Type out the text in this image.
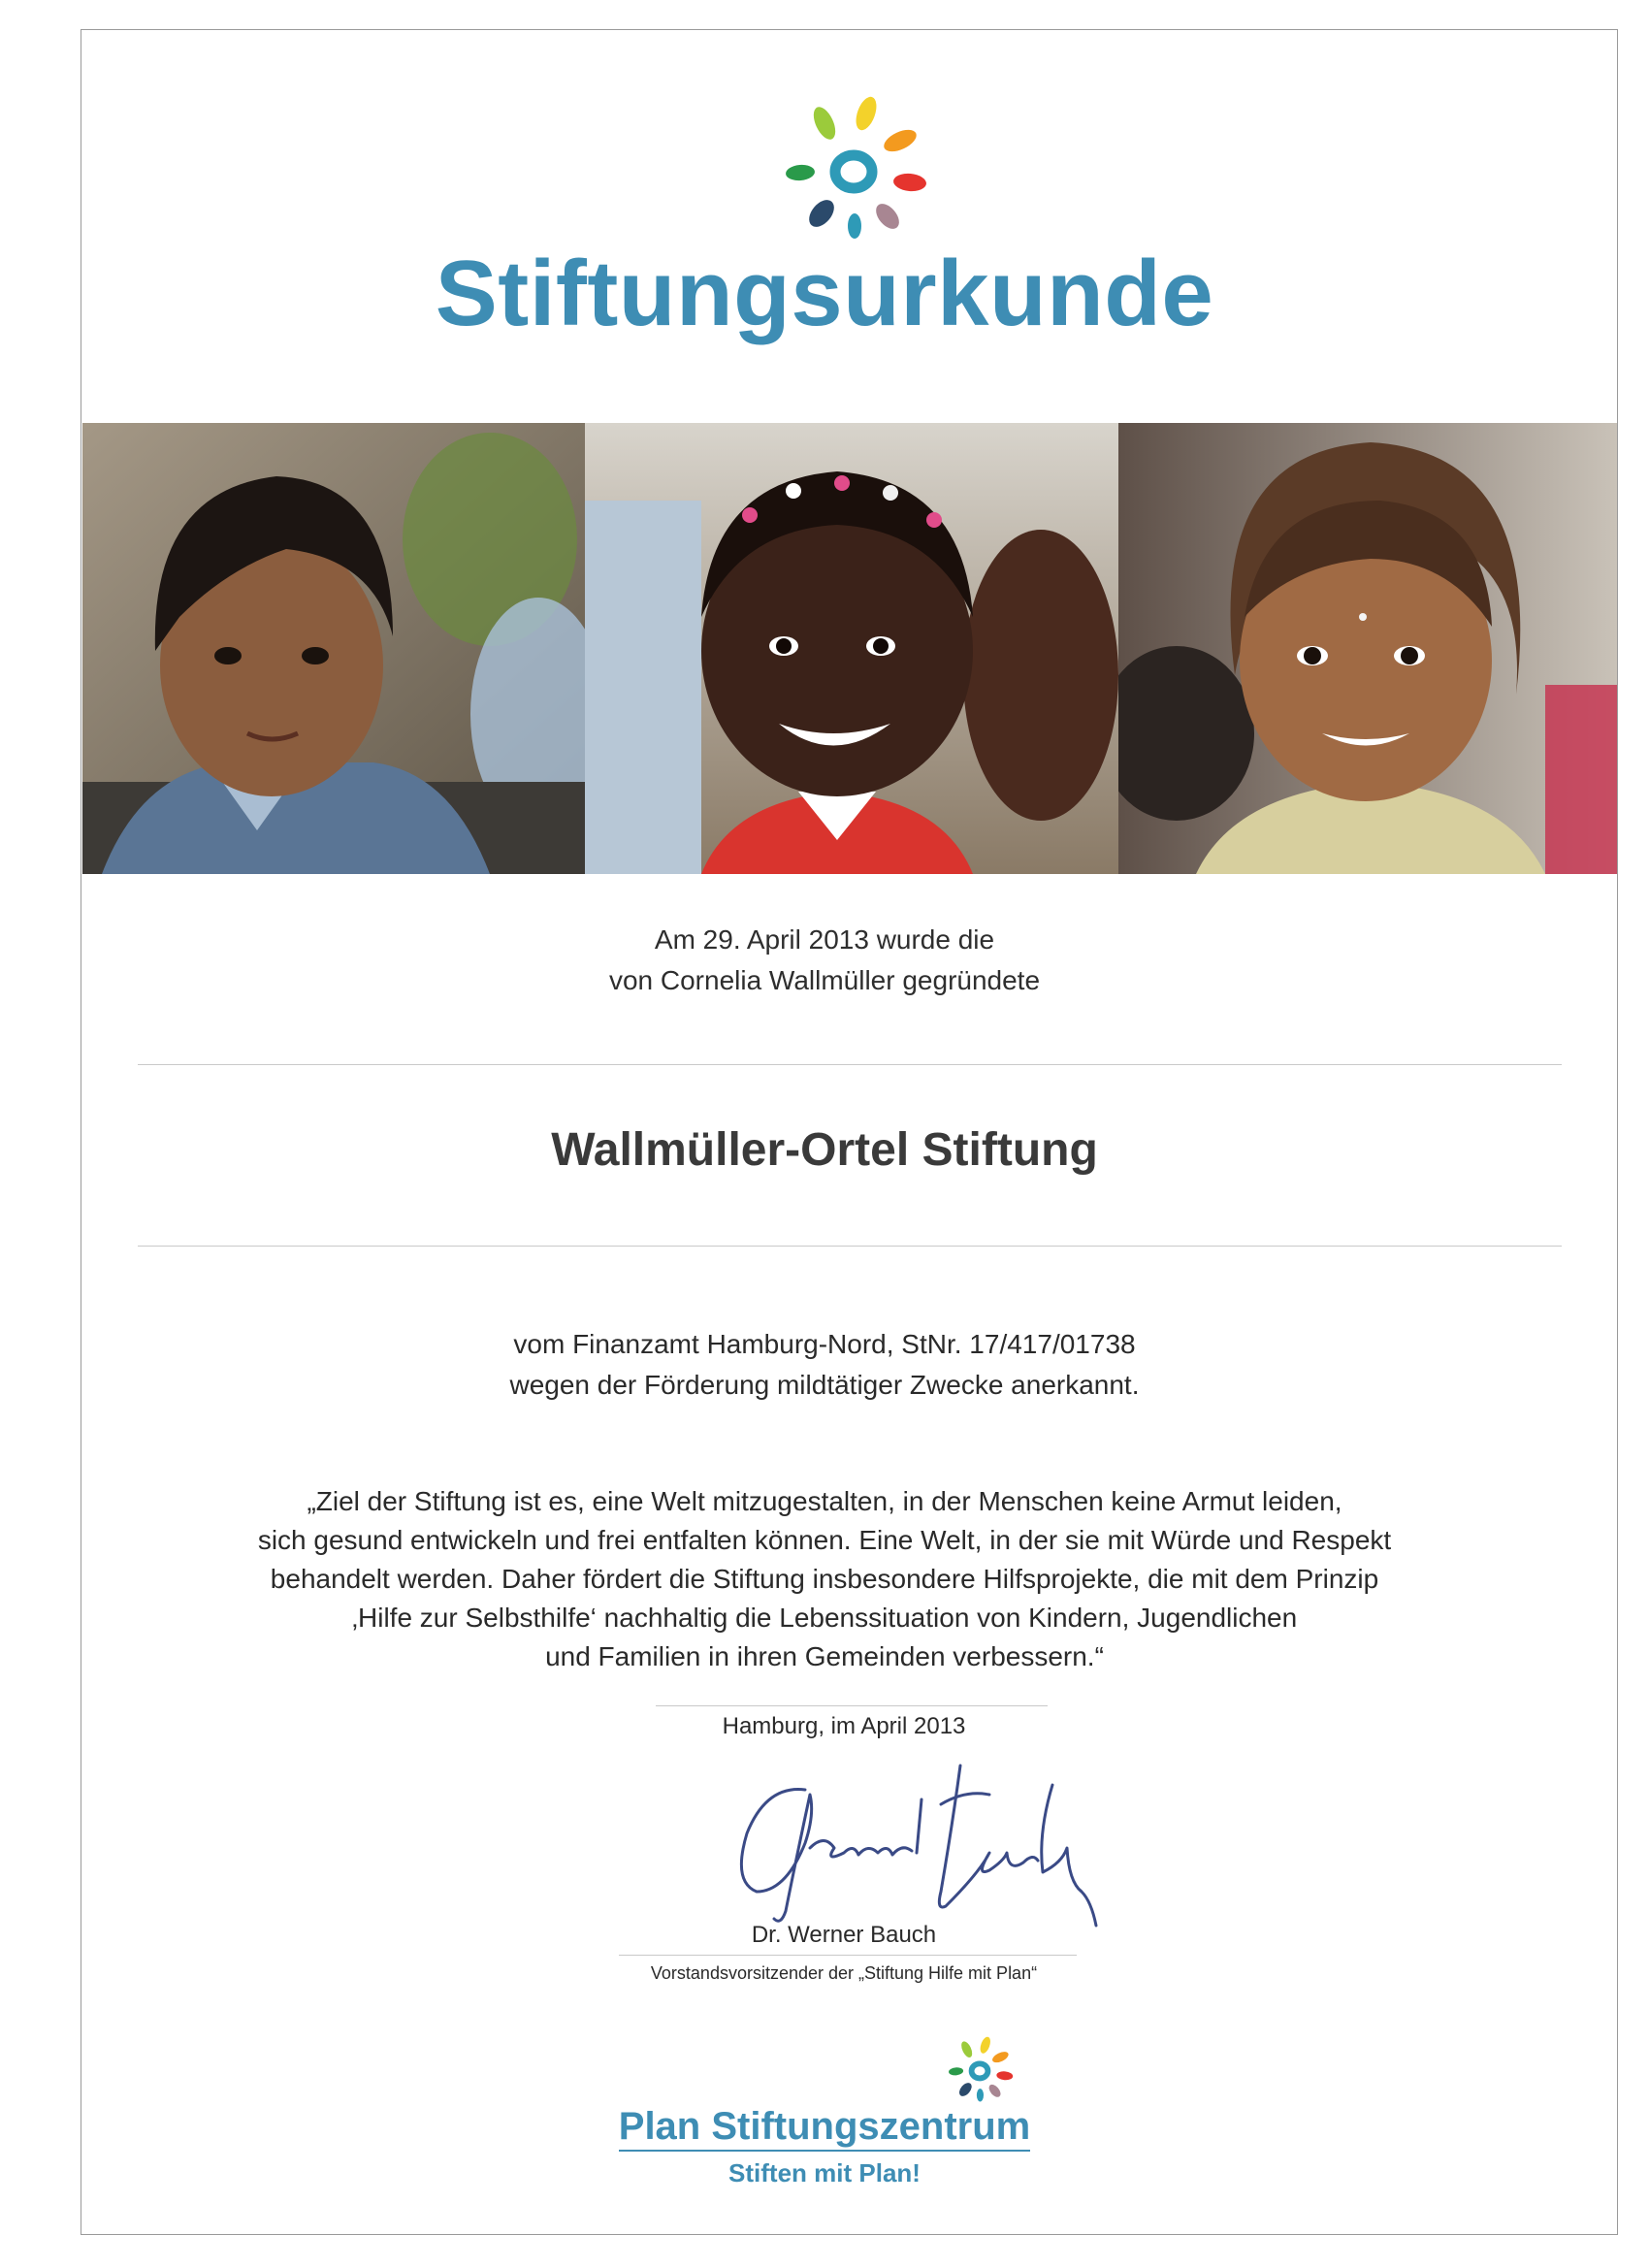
Stiftungsurkunde
Am 29. April 2013 wurde die
von Cornelia Wallmüller gegründete
Wallmüller-Ortel Stiftung
vom Finanzamt Hamburg-Nord, StNr. 17/417/01738
wegen der Förderung mildtätiger Zwecke anerkannt.
„Ziel der Stiftung ist es, eine Welt mitzugestalten, in der Menschen keine Armut leiden,
sich gesund entwickeln und frei entfalten können. Eine Welt, in der sie mit Würde und Respekt
behandelt werden. Daher fördert die Stiftung insbesondere Hilfsprojekte, die mit dem Prinzip
‚Hilfe zur Selbsthilfe‘ nachhaltig die Lebenssituation von Kindern, Jugendlichen
und Familien in ihren Gemeinden verbessern.“
Hamburg, im April 2013
Dr. Werner Bauch
Vorstandsvorsitzender der „Stiftung Hilfe mit Plan“
Plan Stiftungszentrum
Stiften mit Plan!
